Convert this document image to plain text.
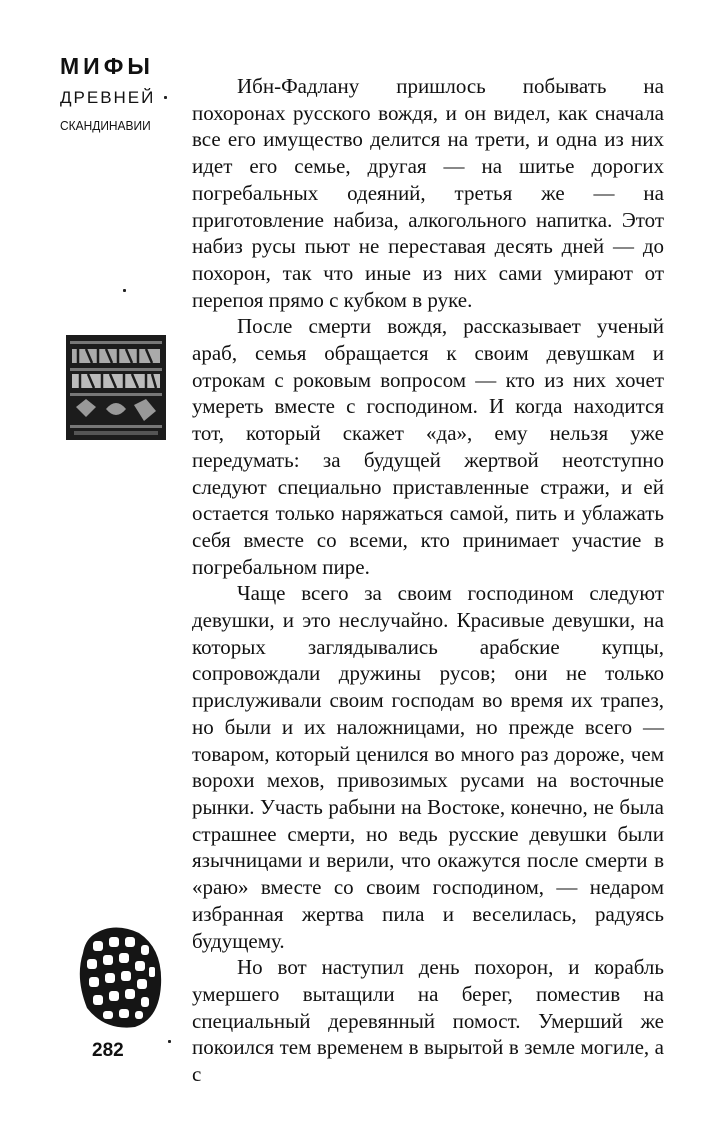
МИФЫ
ДРЕВНЕЙ
СКАНДИНАВИИ
282

Ибн-Фадлану пришлось побывать на похоронах русского вождя, и он видел, как сначала все его имущество делится на трети, и одна из них идет его семье, другая — на шитье дорогих погребальных одеяний, третья же — на приготовление набиза, алкогольного напитка. Этот набиз русы пьют не переставая десять дней — до похорон, так что иные из них сами умирают от перепоя прямо с кубком в руке.

После смерти вождя, рассказывает ученый араб, семья обращается к своим девушкам и отрокам с роковым вопросом — кто из них хочет умереть вместе с господином. И когда находится тот, который скажет «да», ему нельзя уже передумать: за будущей жертвой неотступно следуют специально приставленные стражи, и ей остается только наряжаться самой, пить и ублажать себя вместе со всеми, кто принимает участие в погребальном пире.

Чаще всего за своим господином следуют девушки, и это неслучайно. Красивые девушки, на которых заглядывались арабские купцы, сопровождали дружины русов; они не только прислуживали своим господам во время их трапез, но были и их наложницами, но прежде всего — товаром, который ценился во много раз дороже, чем ворохи мехов, привозимых русами на восточные рынки. Участь рабыни на Востоке, конечно, не была страшнее смерти, но ведь русские девушки были язычницами и верили, что окажутся после смерти в «раю» вместе со своим господином, — недаром избранная жертва пила и веселилась, радуясь будущему.

Но вот наступил день похорон, и корабль умершего вытащили на берег, поместив на специальный деревянный помост. Умерший же покоился тем временем в вырытой в земле могиле, а с
